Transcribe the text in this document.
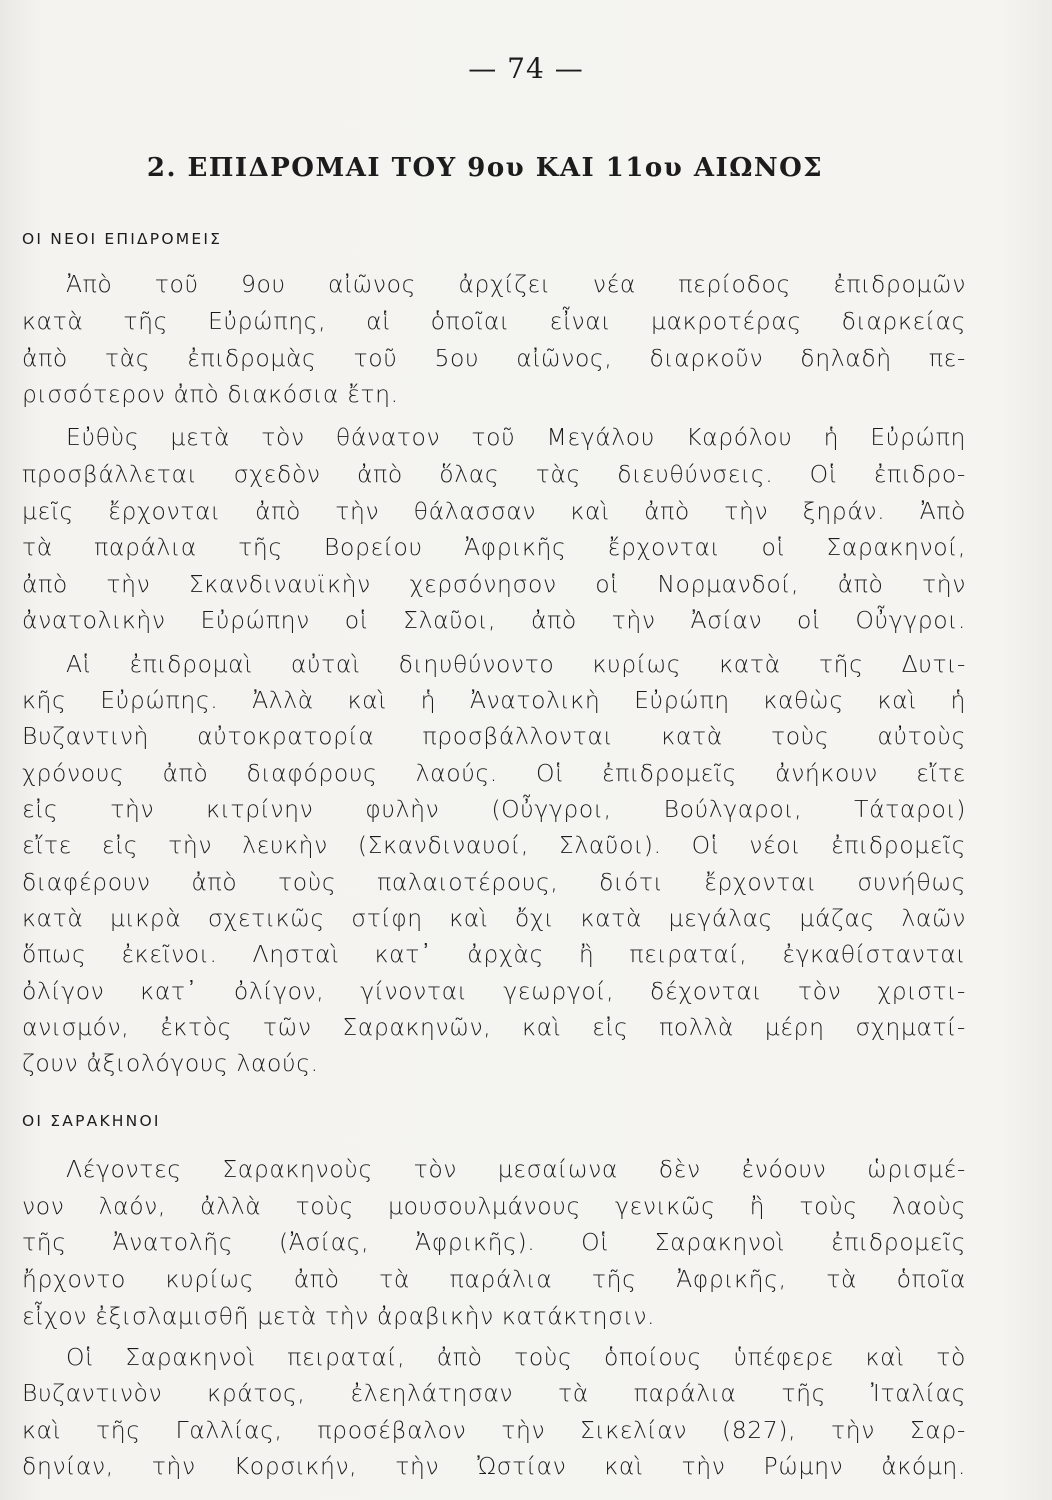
— 74 —
2. ΕΠΙΔΡΟΜΑΙ ΤΟΥ 9ου ΚΑΙ 11ου ΑΙΩΝΟΣ
ΟΙ ΝΕΟΙ ΕΠΙΔΡΟΜΕΙΣ
Ἀπὸ τοῦ 9ου αἰῶνος ἀρχίζει νέα περίοδος ἐπιδρομῶν
κατὰ τῆς Εὐρώπης, αἱ ὁποῖαι εἶναι μακροτέρας διαρκείας
ἀπὸ τὰς ἐπιδρομὰς τοῦ 5ου αἰῶνος, διαρκοῦν δηλαδὴ πε-
ρισσότερον ἀπὸ διακόσια ἔτη.
Εὐθὺς μετὰ τὸν θάνατον τοῦ Μεγάλου Καρόλου ἡ Εὐρώπη
προσβάλλεται σχεδὸν ἀπὸ ὅλας τὰς διευθύνσεις. Οἱ ἐπιδρο-
μεῖς ἔρχονται ἀπὸ τὴν θάλασσαν καὶ ἀπὸ τὴν ξηράν. Ἀπὸ
τὰ παράλια τῆς Βορείου Ἀφρικῆς ἔρχονται οἱ Σαρακηνοί,
ἀπὸ τὴν Σκανδιναυϊκὴν χερσόνησον οἱ Νορμανδοί, ἀπὸ τὴν
ἀνατολικὴν Εὐρώπην οἱ Σλαῦοι, ἀπὸ τὴν Ἀσίαν οἱ Οὖγγροι.
Αἱ ἐπιδρομαὶ αὐταὶ διηυθύνοντο κυρίως κατὰ τῆς Δυτι-
κῆς Εὐρώπης. Ἀλλὰ καὶ ἡ Ἀνατολικὴ Εὐρώπη καθὼς καὶ ἡ
Βυζαντινὴ αὐτοκρατορία προσβάλλονται κατὰ τοὺς αὐτοὺς
χρόνους ἀπὸ διαφόρους λαούς. Οἱ ἐπιδρομεῖς ἀνήκουν εἴτε
εἰς τὴν κιτρίνην φυλὴν (Οὖγγροι, Βούλγαροι, Τάταροι)
εἴτε εἰς τὴν λευκὴν (Σκανδιναυοί, Σλαῦοι). Οἱ νέοι ἐπιδρομεῖς
διαφέρουν ἀπὸ τοὺς παλαιοτέρους, διότι ἔρχονται συνήθως
κατὰ μικρὰ σχετικῶς στίφη καὶ ὄχι κατὰ μεγάλας μάζας λαῶν
ὅπως ἐκεῖνοι. Λησταὶ κατ᾽ ἀρχὰς ἢ πειραταί, ἐγκαθίστανται
ὀλίγον κατ᾽ ὀλίγον, γίνονται γεωργοί, δέχονται τὸν χριστι-
ανισμόν, ἐκτὸς τῶν Σαρακηνῶν, καὶ εἰς πολλὰ μέρη σχηματί-
ζουν ἀξιολόγους λαούς.
ΟΙ ΣΑΡΑΚΗΝΟΙ
Λέγοντες Σαρακηνοὺς τὸν μεσαίωνα δὲν ἐνόουν ὡρισμέ-
νον λαόν, ἀλλὰ τοὺς μουσουλμάνους γενικῶς ἢ τοὺς λαοὺς
τῆς Ἀνατολῆς (Ἀσίας, Ἀφρικῆς). Οἱ Σαρακηνοὶ ἐπιδρομεῖς
ἤρχοντο κυρίως ἀπὸ τὰ παράλια τῆς Ἀφρικῆς, τὰ ὁποῖα
εἶχον ἐξισλαμισθῆ μετὰ τὴν ἀραβικὴν κατάκτησιν.
Οἱ Σαρακηνοὶ πειραταί, ἀπὸ τοὺς ὁποίους ὑπέφερε καὶ τὸ
Βυζαντινὸν κράτος, ἐλεηλάτησαν τὰ παράλια τῆς Ἰταλίας
καὶ τῆς Γαλλίας, προσέβαλον τὴν Σικελίαν (827), τὴν Σαρ-
δηνίαν, τὴν Κορσικήν, τὴν Ὠστίαν καὶ τὴν Ρώμην ἀκόμη.
